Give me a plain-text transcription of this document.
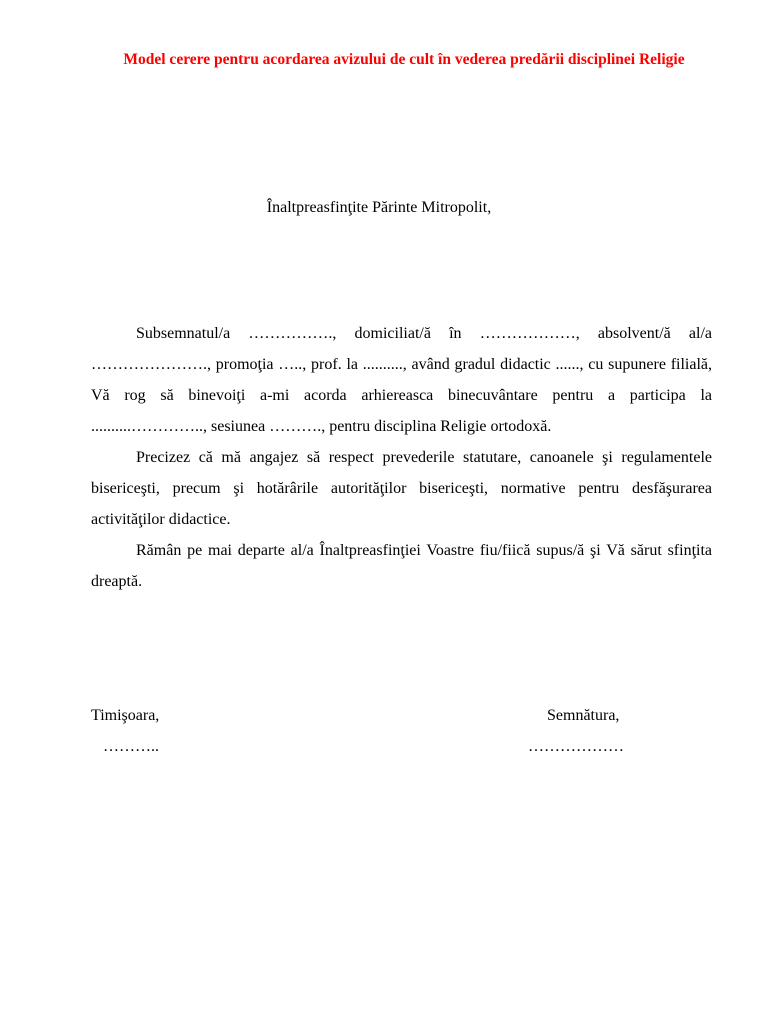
Model cerere pentru acordarea avizului de cult în vederea predării disciplinei Religie
Înaltpreasfinţite Părinte Mitropolit,

Subsemnatul/a ……………., domiciliat/ă în ………………, absolvent/ă al/a …………………., promoţia ….., prof. la .........., având gradul didactic ......, cu supunere filială, Vă rog să binevoiţi a-mi acorda arhiereasca binecuvântare pentru a participa la ..........………….., sesiunea ………., pentru disciplina Religie ortodoxă.

Precizez că mă angajez să respect prevederile statutare, canoanele şi regulamentele bisericeşti, precum şi hotărârile autorităţilor bisericeşti, normative pentru desfăşurarea activităţilor didactice.

Rămân pe mai departe al/a Înaltpreasfinţiei Voastre fiu/fiică supus/ă şi Vă sărut sfinţita dreaptă.

Timişoara,
………..
Semnătura,
………………
